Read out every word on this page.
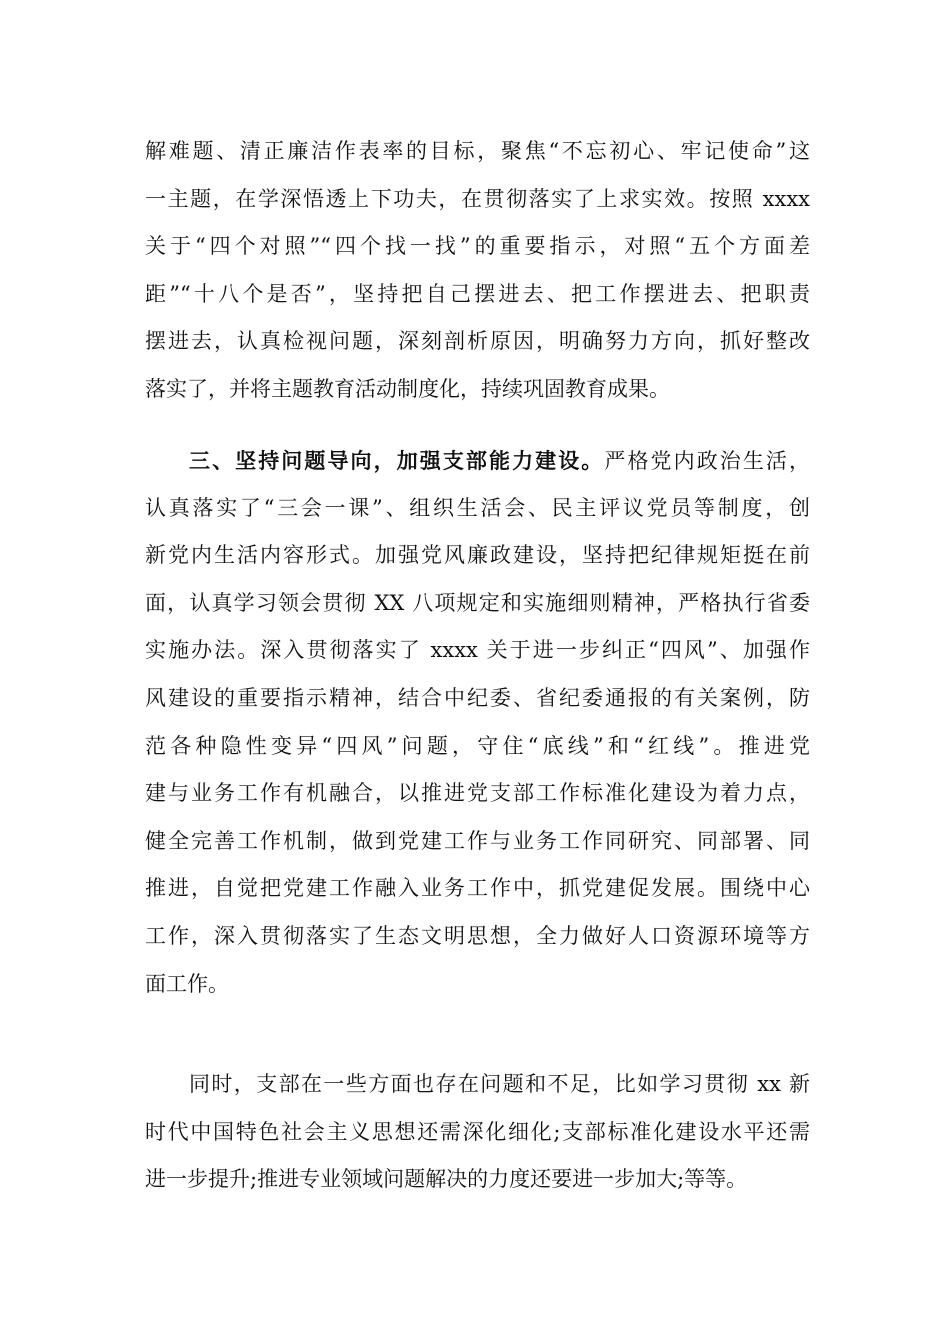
解难题、清正廉洁作表率的目标，聚焦“不忘初心、牢记使命”这
一主题，在学深悟透上下功夫，在贯彻落实了上求实效。按照 xxxx
关于“四个对照”“四个找一找”的重要指示，对照“五个方面差
距”“十八个是否”，坚持把自己摆进去、把工作摆进去、把职责
摆进去，认真检视问题，深刻剖析原因，明确努力方向，抓好整改
落实了，并将主题教育活动制度化，持续巩固教育成果。
三、坚持问题导向，加强支部能力建设。严格党内政治生活，
认真落实了“三会一课”、组织生活会、民主评议党员等制度，创
新党内生活内容形式。加强党风廉政建设，坚持把纪律规矩挺在前
面，认真学习领会贯彻 XX 八项规定和实施细则精神，严格执行省委
实施办法。深入贯彻落实了 xxxx 关于进一步纠正“四风”、加强作
风建设的重要指示精神，结合中纪委、省纪委通报的有关案例，防
范各种隐性变异“四风”问题，守住“底线”和“红线”。推进党
建与业务工作有机融合，以推进党支部工作标准化建设为着力点，
健全完善工作机制，做到党建工作与业务工作同研究、同部署、同
推进，自觉把党建工作融入业务工作中，抓党建促发展。围绕中心
工作，深入贯彻落实了生态文明思想，全力做好人口资源环境等方
面工作。
同时，支部在一些方面也存在问题和不足，比如学习贯彻 xx 新
时代中国特色社会主义思想还需深化细化;支部标准化建设水平还需
进一步提升;推进专业领域问题解决的力度还要进一步加大;等等。
